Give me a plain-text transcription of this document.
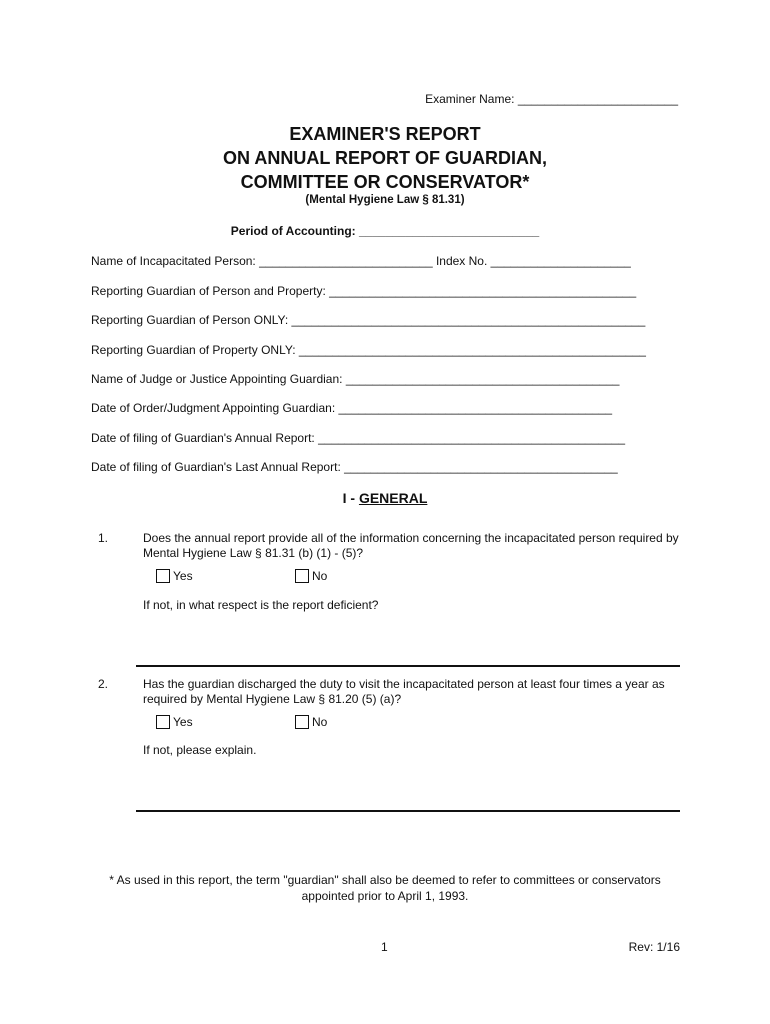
Examiner Name: ________________________
EXAMINER'S REPORT
ON ANNUAL REPORT OF GUARDIAN,
COMMITTEE OR CONSERVATOR*
(Mental Hygiene Law § 81.31)
Period of Accounting: ___________________________
Name of Incapacitated Person: __________________________ Index No. _____________________
Reporting Guardian of Person and Property: ______________________________________________
Reporting Guardian of Person ONLY: _____________________________________________________
Reporting Guardian of Property ONLY: ____________________________________________________
Name of Judge or Justice Appointing Guardian: _________________________________________
Date of Order/Judgment Appointing Guardian: _________________________________________
Date of filing of Guardian's Annual Report: ______________________________________________
Date of filing of Guardian's Last Annual Report: _________________________________________
I - GENERAL
1.	Does the annual report provide all of the information concerning the incapacitated person required by Mental Hygiene Law § 81.31 (b) (1) - (5)?
Yes	No
If not, in what respect is the report deficient?
2.	Has the guardian discharged the duty to visit the incapacitated person at least four times a year as required by Mental Hygiene Law § 81.20 (5) (a)?
Yes	No
If not, please explain.
* As used in this report, the term "guardian" shall also be deemed to refer to committees or conservators
appointed prior to April 1, 1993.
1	Rev: 1/16
